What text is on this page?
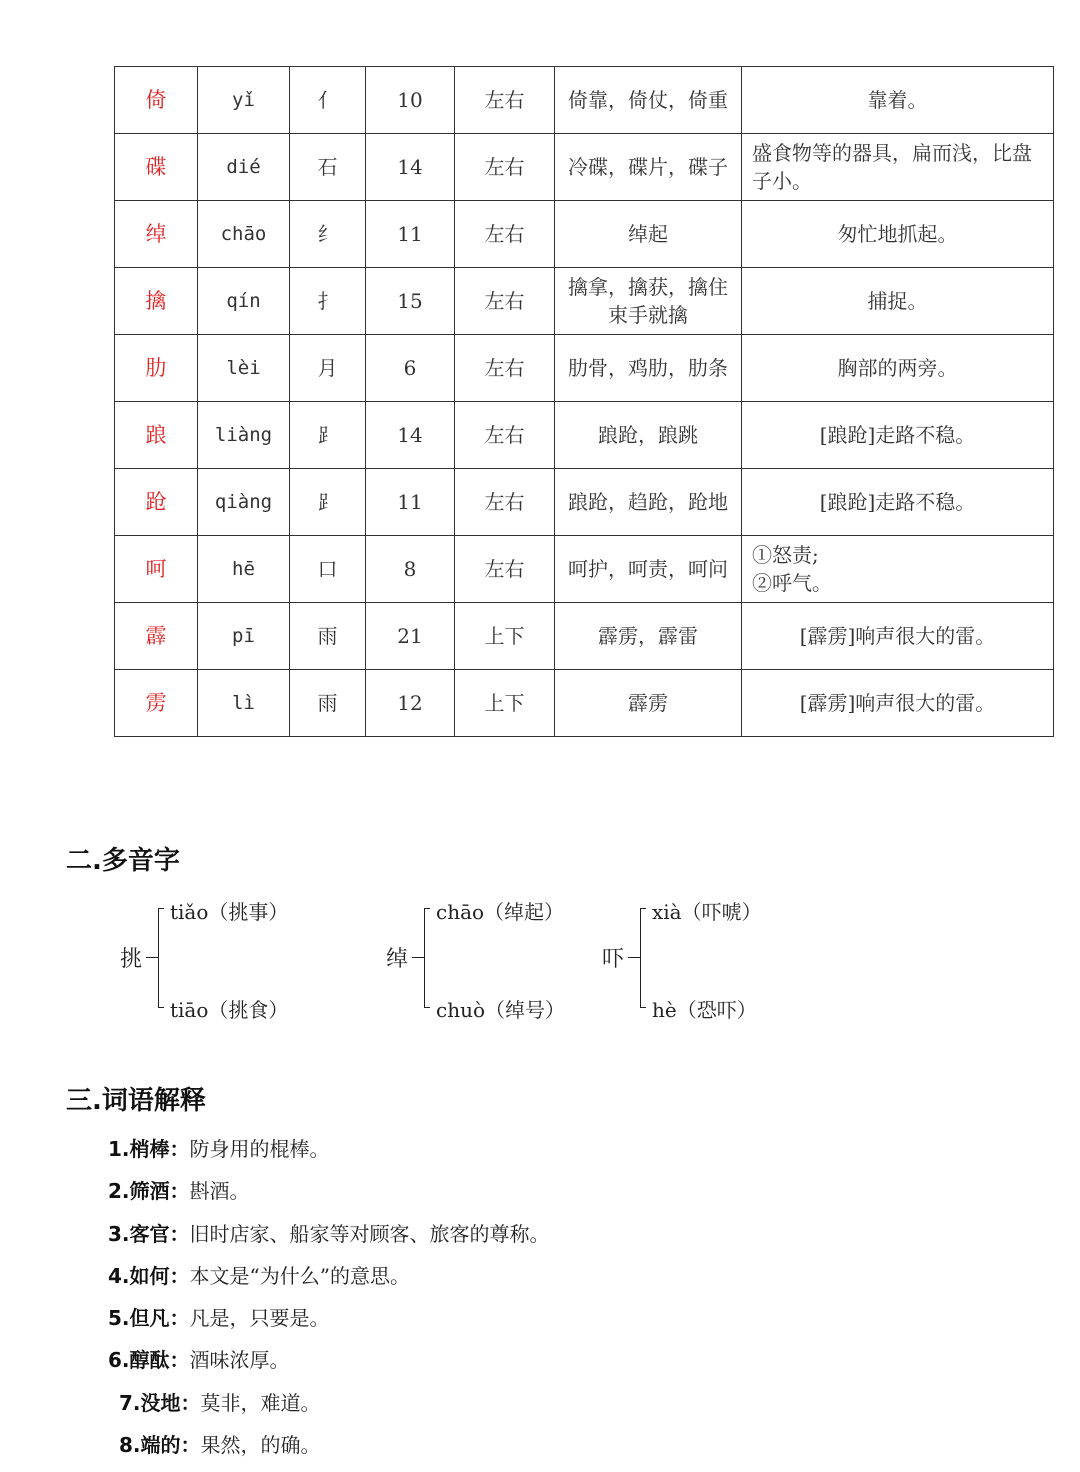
倚	yǐ	亻	10	左右	倚靠，倚仗，倚重	靠着。
碟	dié	石	14	左右	冷碟，碟片，碟子	盛食物等的器具，扁而浅，比盘子小。
绰	chāo	纟	11	左右	绰起	匆忙地抓起。
擒	qín	扌	15	左右	擒拿，擒获，擒住束手就擒	捕捉。
肋	lèi	月	6	左右	肋骨，鸡肋，肋条	胸部的两旁。
踉	liàng	⻊	14	左右	踉跄，踉跳	[踉跄]走路不稳。
跄	qiàng	⻊	11	左右	踉跄，趋跄，跄地	[踉跄]走路不稳。
呵	hē	口	8	左右	呵护，呵责，呵问	①怒责;
②呼气。

霹	pī	雨	21	上下	霹雳，霹雷	[霹雳]响声很大的雷。
雳	lì	雨	12	上下	霹雳	[霹雳]响声很大的雷。
二.多音字
挑
tiǎo（挑事）
tiāo（挑食）
绰
chāo（绰起）
chuò（绰号）
吓
xià（吓唬）
hè（恐吓）
三.词语解释
1.梢棒：防身用的棍棒。
2.筛酒：斟酒。
3.客官：旧时店家、船家等对顾客、旅客的尊称。
4.如何：本文是“为什么”的意思。
5.但凡：凡是，只要是。
6.醇酞：酒味浓厚。
7.没地：莫非，难道。
8.端的：果然，的确。
